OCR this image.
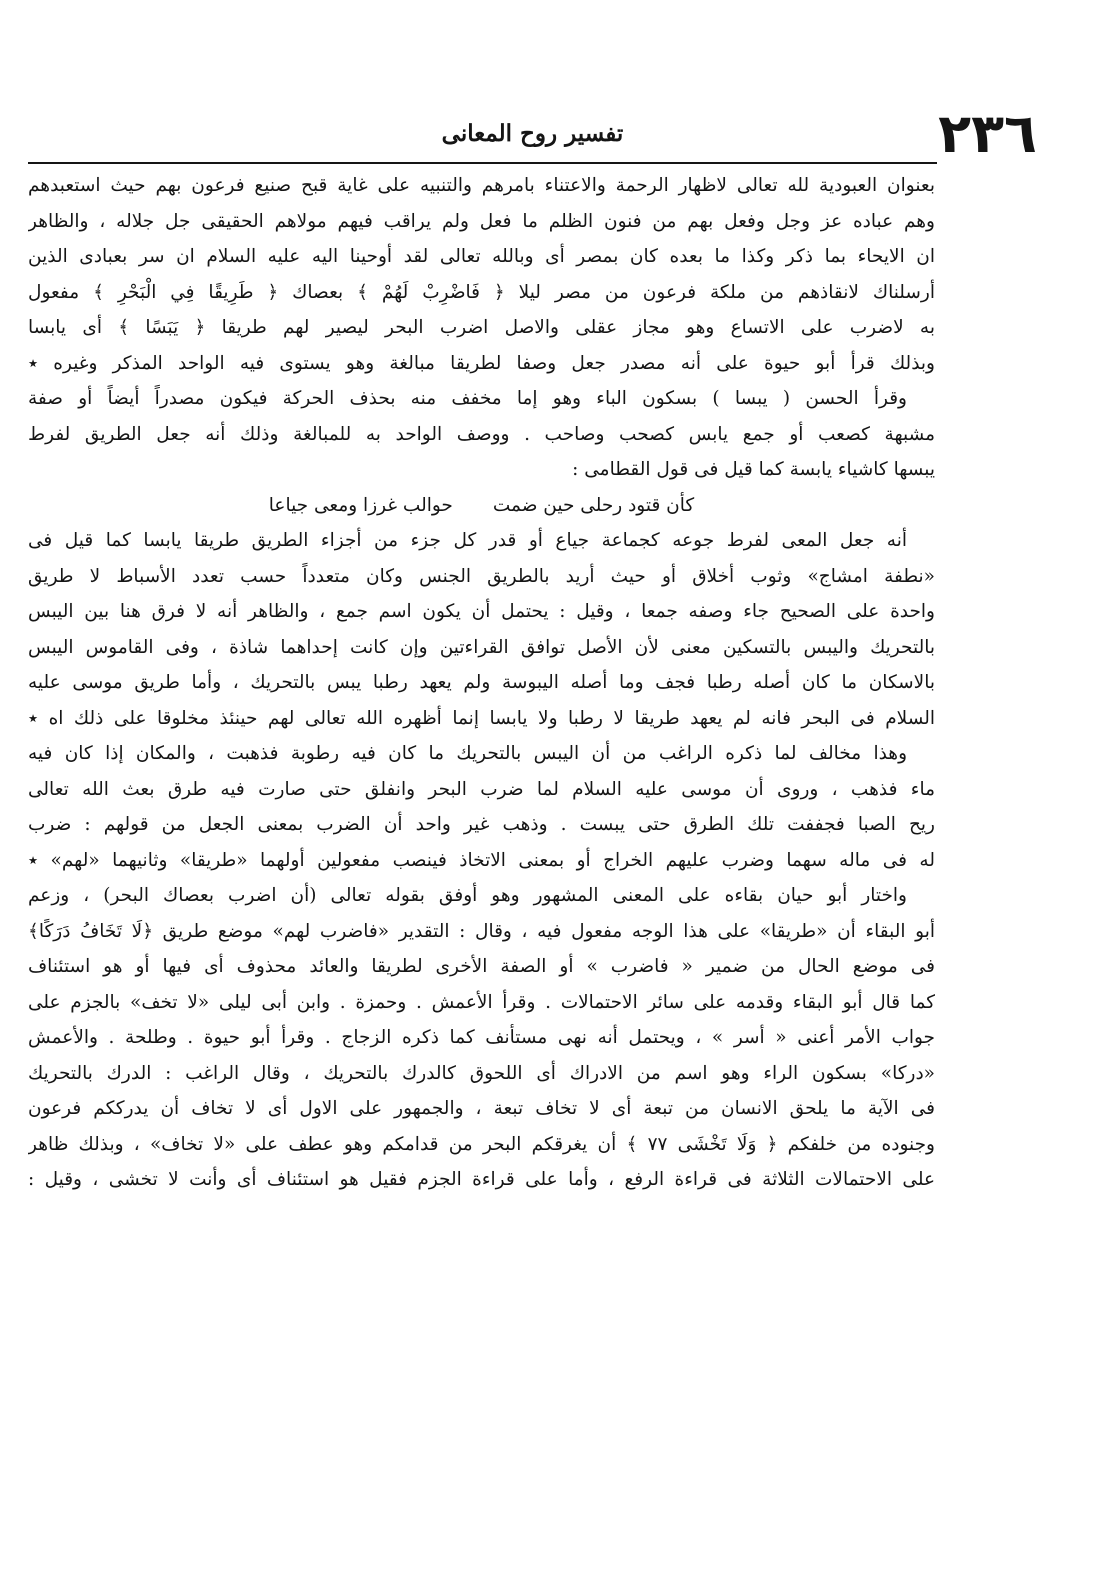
٢٣٦
تفسير روح المعانى
بعنوان العبودية لله تعالى لاظهار الرحمة والاعتناء بامرهم والتنبيه على غاية قبح صنيع فرعون بهم حيث استعبدهم
وهم عباده عز وجل وفعل بهم من فنون الظلم ما فعل ولم يراقب فيهم مولاهم الحقيقى جل جلاله ، والظاهر
ان الايحاء بما ذكر وكذا ما بعده كان بمصر أى وبالله تعالى لقد أوحينا اليه عليه السلام ان سر بعبادى الذين
أرسلناك لانقاذهم من ملكة فرعون من مصر ليلا ﴿ فَاضْرِبْ لَهُمْ ﴾ بعصاك ﴿ طَرِيقًا فِي الْبَحْرِ ﴾ مفعول
به لاضرب على الاتساع وهو مجاز عقلى والاصل اضرب البحر ليصير لهم طريقا ﴿ يَبَسًا ﴾ أى يابسا
وبذلك قرأ أبو حيوة على أنه مصدر جعل وصفا لطريقا مبالغة وهو يستوى فيه الواحد المذكر وغيره ٭
وقرأ الحسن ( يبسا ) بسكون الباء وهو إما مخفف منه بحذف الحركة فيكون مصدراً أيضاً أو صفة
مشبهة كصعب أو جمع يابس كصحب وصاحب . ووصف الواحد به للمبالغة وذلك أنه جعل الطريق لفرط
يبسها كاشياء يابسة كما قيل فى قول القطامى :
كأن قتود رحلى حين ضمتحوالب غرزا ومعى جياعا
أنه جعل المعى لفرط جوعه كجماعة جياع أو قدر كل جزء من أجزاء الطريق طريقا يابسا كما قيل فى
«نطفة امشاج» وثوب أخلاق أو حيث أريد بالطريق الجنس وكان متعدداً حسب تعدد الأسباط لا طريق
واحدة على الصحيح جاء وصفه جمعا ، وقيل : يحتمل أن يكون اسم جمع ، والظاهر أنه لا فرق هنا بين اليبس
بالتحريك واليبس بالتسكين معنى لأن الأصل توافق القراءتين وإن كانت إحداهما شاذة ، وفى القاموس اليبس
بالاسكان ما كان أصله رطبا فجف وما أصله اليبوسة ولم يعهد رطبا يبس بالتحريك ، وأما طريق موسى عليه
السلام فى البحر فانه لم يعهد طريقا لا رطبا ولا يابسا إنما أظهره الله تعالى لهم حينئذ مخلوقا على ذلك اه ٭
وهذا مخالف لما ذكره الراغب من أن اليبس بالتحريك ما كان فيه رطوبة فذهبت ، والمكان إذا كان فيه
ماء فذهب ، وروى أن موسى عليه السلام لما ضرب البحر وانفلق حتى صارت فيه طرق بعث الله تعالى
ريح الصبا فجففت تلك الطرق حتى يبست . وذهب غير واحد أن الضرب بمعنى الجعل من قولهم : ضرب
له فى ماله سهما وضرب عليهم الخراج أو بمعنى الاتخاذ فينصب مفعولين أولهما «طريقا» وثانيهما «لهم» ٭
واختار أبو حيان بقاءه على المعنى المشهور وهو أوفق بقوله تعالى (أن اضرب بعصاك البحر) ، وزعم
أبو البقاء أن «طريقا» على هذا الوجه مفعول فيه ، وقال : التقدير «فاضرب لهم» موضع طريق ﴿لَا تَخَافُ دَرَكًا﴾
فى موضع الحال من ضمير « فاضرب » أو الصفة الأخرى لطريقا والعائد محذوف أى فيها أو هو استئناف
كما قال أبو البقاء وقدمه على سائر الاحتمالات . وقرأ الأعمش . وحمزة . وابن أبى ليلى «لا تخف» بالجزم على
جواب الأمر أعنى « أسر » ، ويحتمل أنه نهى مستأنف كما ذكره الزجاج . وقرأ أبو حيوة . وطلحة . والأعمش
«دركا» بسكون الراء وهو اسم من الادراك أى اللحوق كالدرك بالتحريك ، وقال الراغب : الدرك بالتحريك
فى الآية ما يلحق الانسان من تبعة أى لا تخاف تبعة ، والجمهور على الاول أى لا تخاف أن يدرككم فرعون
وجنوده من خلفكم ﴿ وَلَا تَخْشَى ٧٧ ﴾ أن يغرقكم البحر من قدامكم وهو عطف على «لا تخاف» ، وبذلك ظاهر
على الاحتمالات الثلاثة فى قراءة الرفع ، وأما على قراءة الجزم فقيل هو استئناف أى وأنت لا تخشى ، وقيل :
